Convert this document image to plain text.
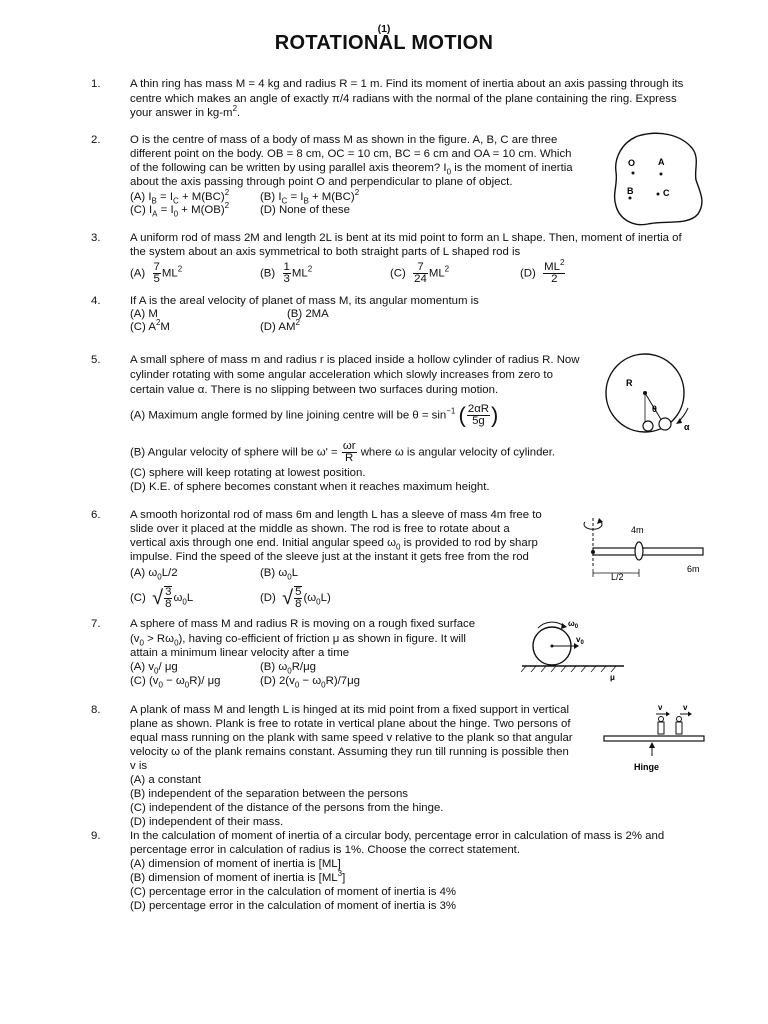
(1)
ROTATIONAL MOTION
1.	A thin ring has mass M = 4 kg and radius R = 1 m. Find its moment of inertia about an axis passing through its
centre which makes an angle of exactly π/4 radians with the normal of the plane containing the ring. Express
your answer in $kg-m^2$.
2.	O is the centre of mass of a body of mass M as shown in the figure. A, B, C are three
different point on the body. OB = 8 cm, OC = 10 cm, BC = 6 cm and OA = 10 cm. Which
of the following can be written by using parallel axis theorem? $I_0$ is the moment of inertia
about the axis passing through point O and perpendicular to plane of object.
(A) $I_B = I_C + M(BC)^2$	(B) $I_C = I_B + M(BC)^2$
(C) $I_A = I_0 + M(OB)^2$	(D) None of these
O	A
B	C
3.	A uniform rod of mass 2M and length 2L is bent at its mid point to form an L shape. Then, moment of inertia of
the system about an axis symmetrical to both straight parts of L shaped rod is
$(A) \frac{7}{5} ML^2$	$(B) \frac{1}{3} ML^2$	$(C) \frac{7}{24} ML^2$	$(D) \frac{ML^2}{2}$
4.	If A is the areal velocity of planet of mass M, its angular momentum is
(A) M	(B) 2MA
(C) $A^2M$	(D) $AM^2$
5.	A small sphere of mass m and radius r is placed inside a hollow cylinder of radius R. Now
cylinder rotating with some angular acceleration which slowly increases from zero to
certain value α. There is no slipping between two surfaces during motion.
(A) Maximum angle formed by line joining centre will be $\theta = \sin^{-1}$ ( $\frac{2\alpha R}{5g}$ )
(B) Angular velocity of sphere will be $\omega' = \frac{\omega r}{R}$ where ω is angular velocity of cylinder.
(C) sphere will keep rotating at lowest position.
(D) K.E. of sphere becomes constant when it reaches maximum height.
R
θ
α
6.	A smooth horizontal rod of mass 6m and length L has a sleeve of mass 4m free to
slide over it placed at the middle as shown. The rod is free to rotate about a
vertical axis through one end. Initial angular speed $\omega_0$ is provided to rod by sharp
impulse. Find the speed of the sleeve just at the instant it gets free from the rod
(A) $\omega_0L/2$	(B) $\omega_0L$
(C) √ $\frac{3}{8} \omega_0L$	(D) √ $\frac{5}{8} (\omega_0L)$
4m
6m
L/2
7.	A sphere of mass M and radius R is moving on a rough fixed surface
$(v_0 > R\omega_0)$, having co-efficient of friction μ as shown in figure. It will
attain a minimum linear velocity after a time
(A) $v_0/$ μg	(B) $\omega_0R/\mu g$
(C) $(v_0 - \omega_0R)/$ μg	(D) $2(v_0 - \omega_0R)/7\mu g$
$\omega_0$
$v_0$
μ
8.	A plank of mass M and length L is hinged at its mid point from a fixed support in vertical
plane as shown. Plank is free to rotate in vertical plane about the hinge. Two persons of
equal mass running on the plank with same speed v relative to the plank so that angular
velocity ω of the plank remains constant. Assuming they run till running is possible then
v is
(A) a constant
(B) independent of the separation between the persons
(C) independent of the distance of the persons from the hinge.
(D) independent of their mass.
v	v
Hinge
9.	In the calculation of moment of inertia of a circular body, percentage error in calculation of mass is 2% and
percentage error in calculation of radius is 1%. Choose the correct statement.
(A) dimension of moment of inertia is [ML]
(B) dimension of moment of inertia is $[ML^3]$
(C) percentage error in the calculation of moment of inertia is 4%
(D) percentage error in the calculation of moment of inertia is 3%
